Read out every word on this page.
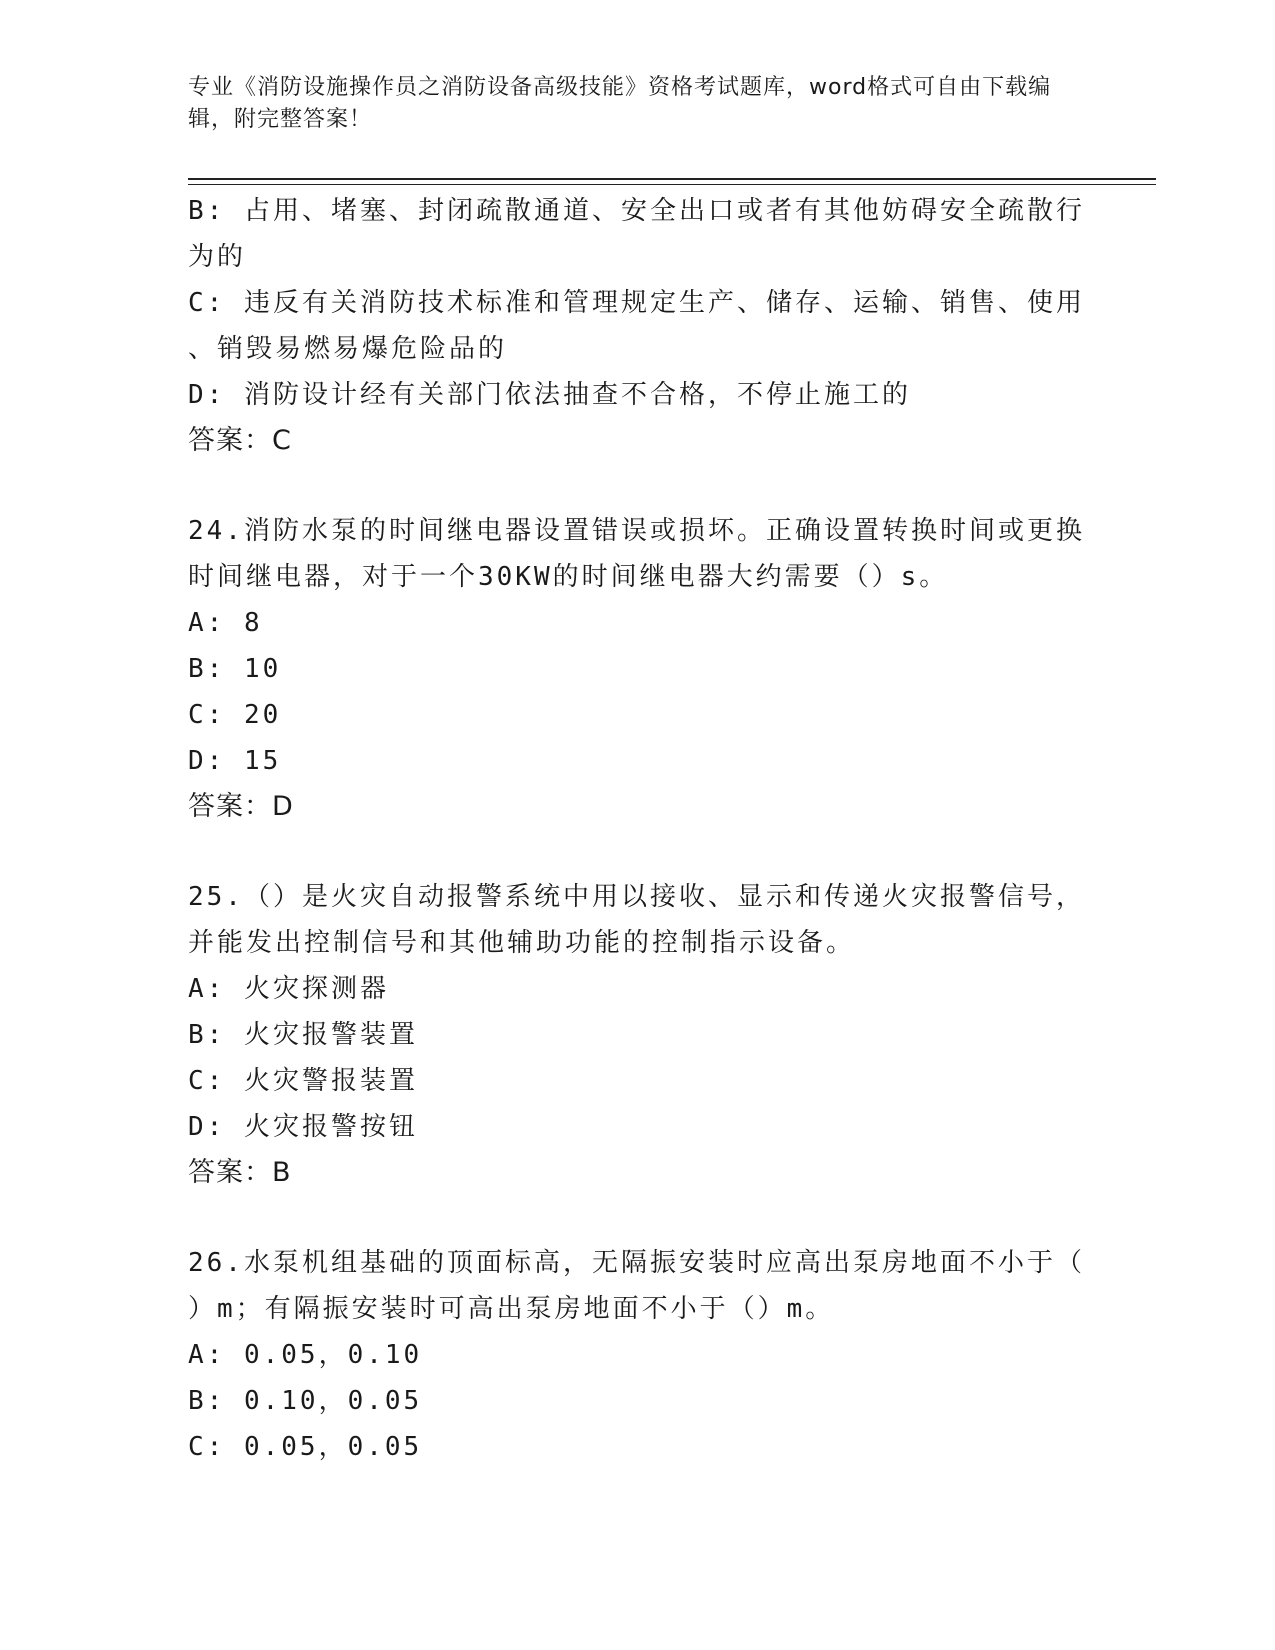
专业《消防设施操作员之消防设备高级技能》资格考试题库，word格式可自由下载编辑，附完整答案！
B: 占用、堵塞、封闭疏散通道、安全出口或者有其他妨碍安全疏散行
为的
C: 违反有关消防技术标准和管理规定生产、储存、运输、销售、使用
、销毁易燃易爆危险品的
D: 消防设计经有关部门依法抽查不合格，不停止施工的
答案：C
24.消防水泵的时间继电器设置错误或损坏。正确设置转换时间或更换
时间继电器，对于一个30KW的时间继电器大约需要（）s。
A: 8
B: 10
C: 20
D: 15
答案：D
25.（）是火灾自动报警系统中用以接收、显示和传递火灾报警信号，
并能发出控制信号和其他辅助功能的控制指示设备。
A: 火灾探测器
B: 火灾报警装置
C: 火灾警报装置
D: 火灾报警按钮
答案：B
26.水泵机组基础的顶面标高，无隔振安装时应高出泵房地面不小于（
）m；有隔振安装时可高出泵房地面不小于（）m。
A: 0.05，0.10
B: 0.10，0.05
C: 0.05，0.05
